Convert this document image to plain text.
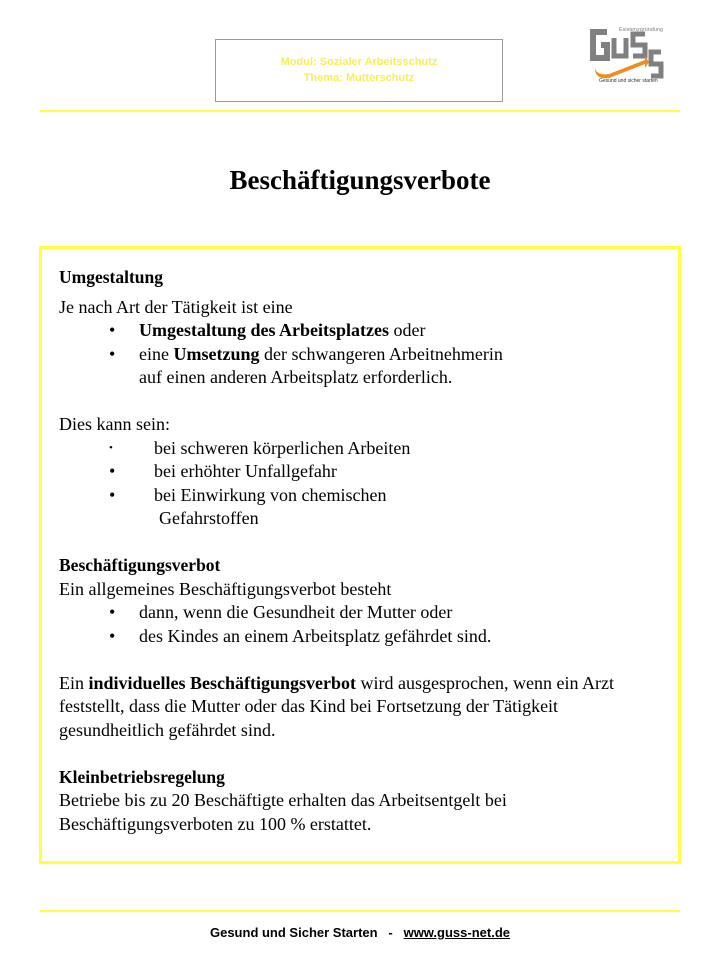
Modul: Sozialer Arbeitsschutz
Thema: Mutterschutz
Existenzgründung
Gesund und sicher starten
Beschäftigungsverbote

Umgestaltung

Je nach Art der Tätigkeit ist eine

• Umgestaltung des Arbeitsplatzes oder

• eine Umsetzung der schwangeren Arbeitnehmerin

auf einen anderen Arbeitsplatz erforderlich.

Dies kann sein:

• bei schweren körperlichen Arbeiten

• bei erhöhter Unfallgefahr

• bei Einwirkung von chemischen

Gefahrstoffen

Beschäftigungsverbot

Ein allgemeines Beschäftigungsverbot besteht

• dann, wenn die Gesundheit der Mutter oder

• des Kindes an einem Arbeitsplatz gefährdet sind.

Ein individuelles Beschäftigungsverbot wird ausgesprochen, wenn ein Arzt feststellt, dass die Mutter oder das Kind bei Fortsetzung der Tätigkeit gesundheitlich gefährdet sind.

Kleinbetriebsregelung

Betriebe bis zu 20 Beschäftigte erhalten das Arbeitsentgelt bei Beschäftigungsverboten zu 100 % erstattet.

Gesund und Sicher Starten   -   www.guss-net.de
